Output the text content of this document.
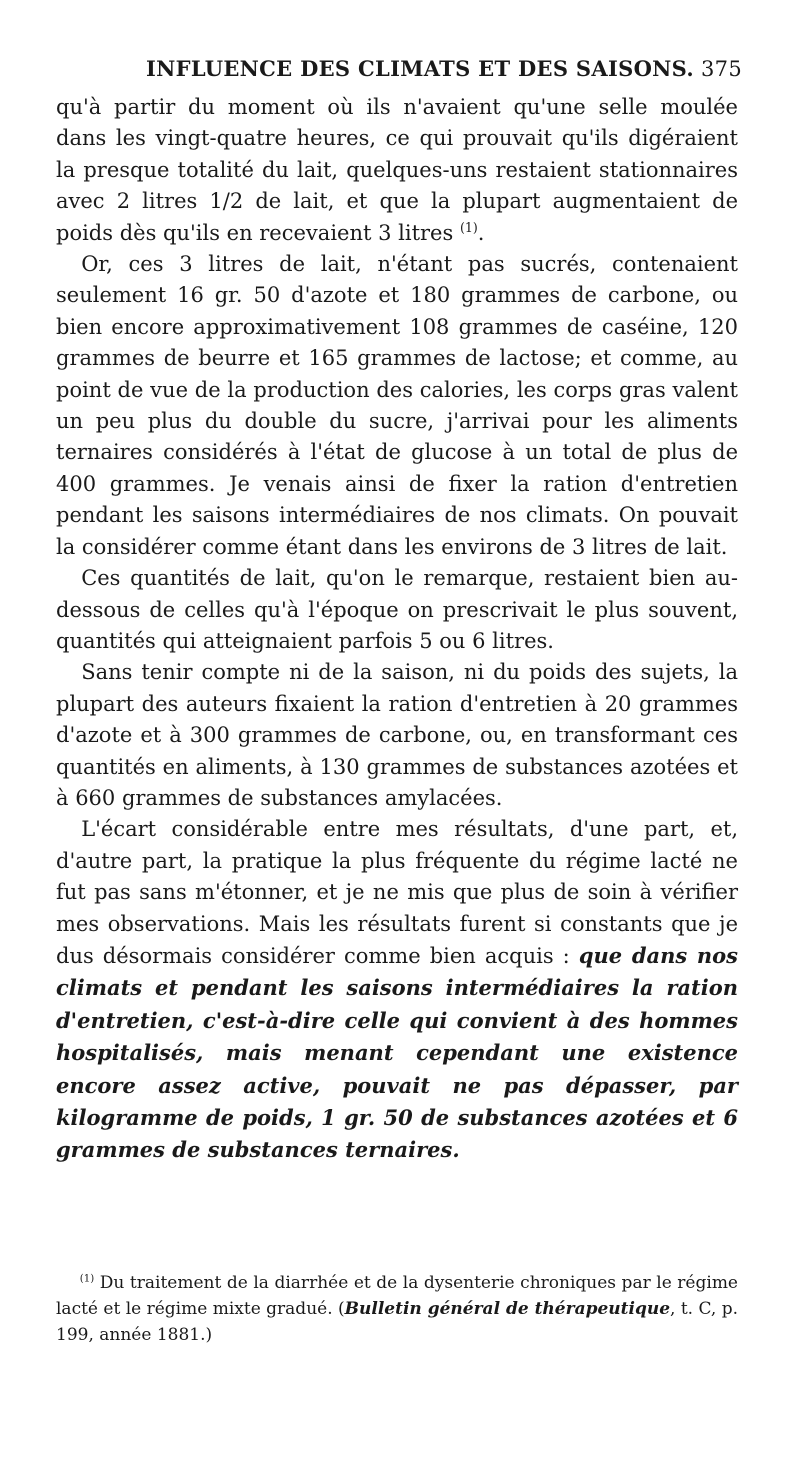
INFLUENCE DES CLIMATS ET DES SAISONS. 375

qu'à partir du moment où ils n'avaient qu'une selle moulée dans les vingt-quatre heures, ce qui prouvait qu'ils digéraient la presque totalité du lait, quelques-uns restaient stationnaires avec 2 litres 1/2 de lait, et que la plupart augmentaient de poids dès qu'ils en recevaient 3 litres $^{(1)}$.

Or, ces 3 litres de lait, n'étant pas sucrés, contenaient seulement 16 gr. 50 d'azote et 180 grammes de carbone, ou bien encore approximativement 108 grammes de caséine, 120 grammes de beurre et 165 grammes de lactose; et comme, au point de vue de la production des calories, les corps gras valent un peu plus du double du sucre, j'arrivai pour les aliments ternaires considérés à l'état de glucose à un total de plus de 400 grammes. Je venais ainsi de fixer la ration d'entretien pendant les saisons intermédiaires de nos climats. On pouvait la considérer comme étant dans les environs de 3 litres de lait.

Ces quantités de lait, qu'on le remarque, restaient bien au-dessous de celles qu'à l'époque on prescrivait le plus souvent, quantités qui atteignaient parfois 5 ou 6 litres.

Sans tenir compte ni de la saison, ni du poids des sujets, la plupart des auteurs fixaient la ration d'entretien à 20 grammes d'azote et à 300 grammes de carbone, ou, en transformant ces quantités en aliments, à 130 grammes de substances azotées et à 660 grammes de substances amylacées.

L'écart considérable entre mes résultats, d'une part, et, d'autre part, la pratique la plus fréquente du régime lacté ne fut pas sans m'étonner, et je ne mis que plus de soin à vérifier mes observations. Mais les résultats furent si constants que je dus désormais considérer comme bien acquis : que dans nos climats et pendant les saisons intermédiaires la ration d'entretien, c'est-à-dire celle qui convient à des hommes hospitalisés, mais menant cependant une existence encore assez active, pouvait ne pas dépasser, par kilogramme de poids, 1 gr. 50 de substances azotées et 6 grammes de substances ternaires.

$^{(1)}$ Du traitement de la diarrhée et de la dysenterie chroniques par le régime lacté et le régime mixte gradué. (Bulletin général de thérapeutique, t. C, p. 199, année 1881.)
